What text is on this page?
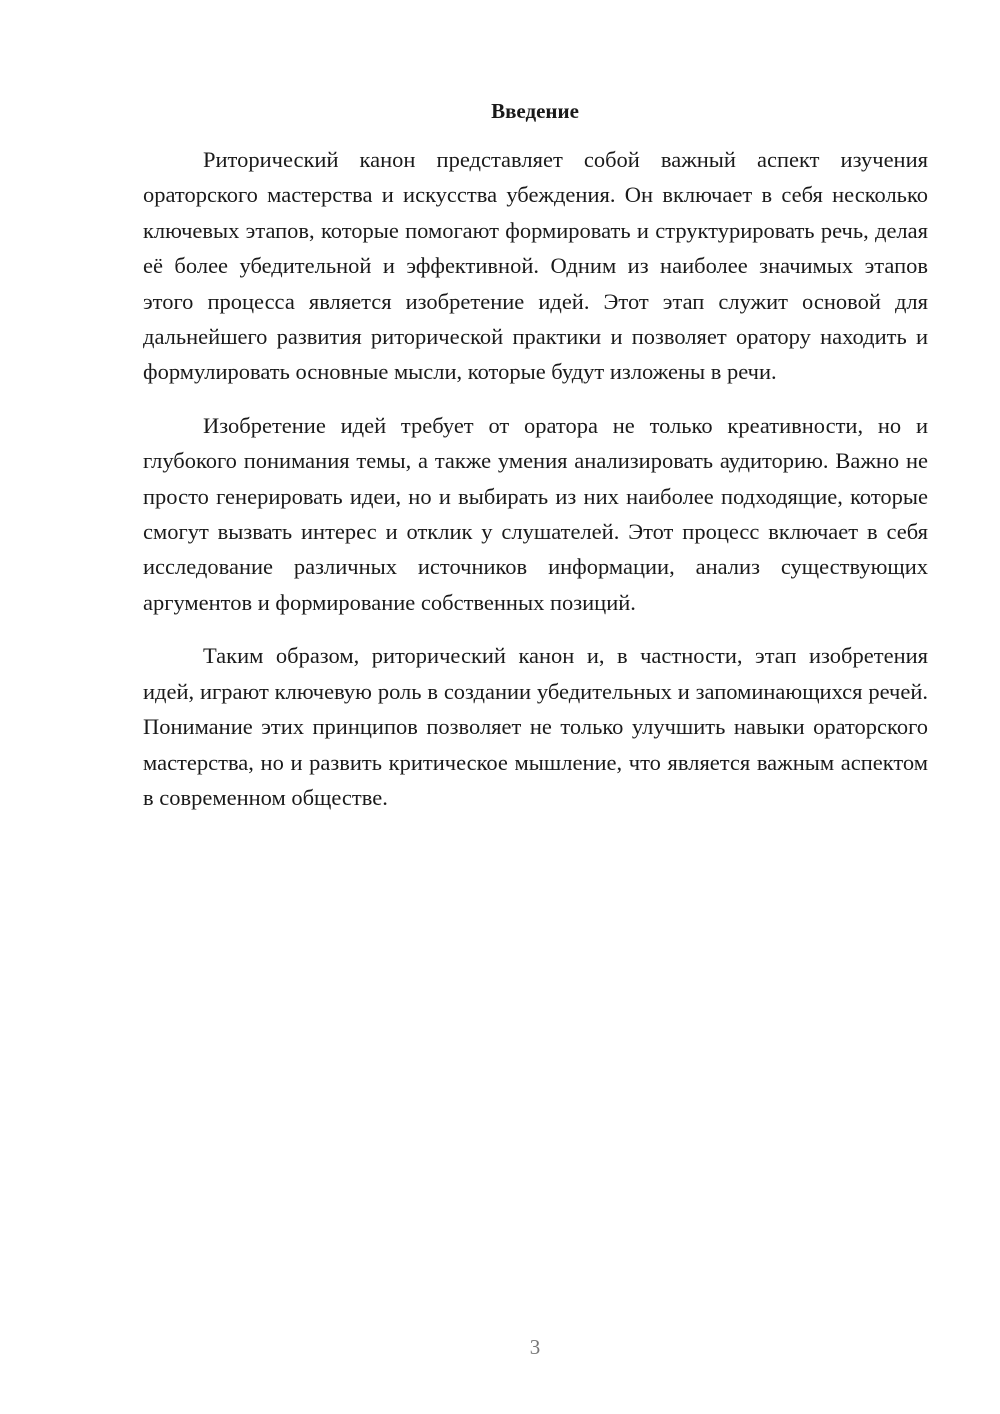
Введение

Риторический канон представляет собой важный аспект изучения ораторского мастерства и искусства убеждения. Он включает в себя несколько ключевых этапов, которые помогают формировать и структурировать речь, делая её более убедительной и эффективной. Одним из наиболее значимых этапов этого процесса является изобретение идей. Этот этап служит основой для дальнейшего развития риторической практики и позволяет оратору находить и формулировать основные мысли, которые будут изложены в речи.

Изобретение идей требует от оратора не только креативности, но и глубокого понимания темы, а также умения анализировать аудиторию. Важно не просто генерировать идеи, но и выбирать из них наиболее подходящие, которые смогут вызвать интерес и отклик у слушателей. Этот процесс включает в себя исследование различных источников информации, анализ существующих аргументов и формирование собственных позиций.

Таким образом, риторический канон и, в частности, этап изобретения идей, играют ключевую роль в создании убедительных и запоминающихся речей. Понимание этих принципов позволяет не только улучшить навыки ораторского мастерства, но и развить критическое мышление, что является важным аспектом в современном обществе.

3
